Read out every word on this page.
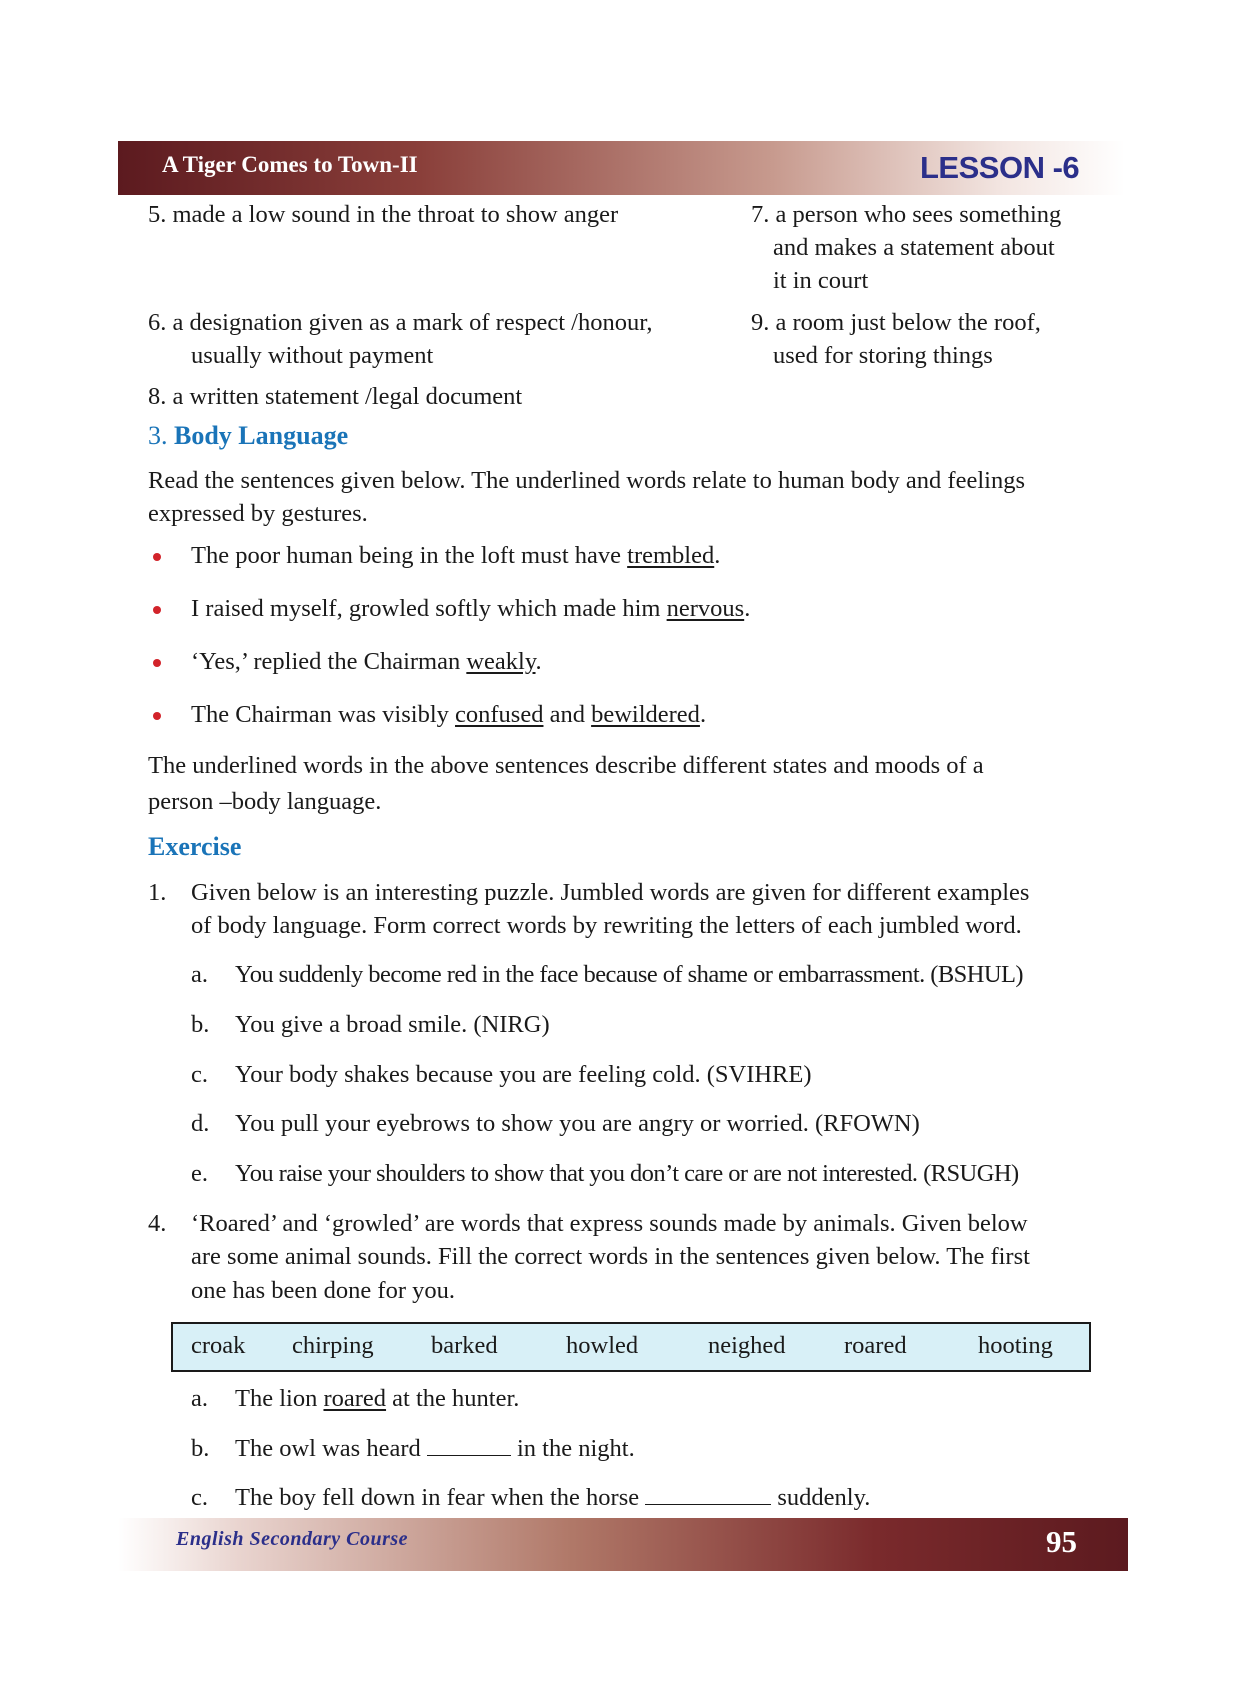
A Tiger Comes to Town-II	LESSON -6
5. made a low sound in the throat to show anger	7. a person who sees something
and makes a statement about
it in court
6. a designation given as a mark of respect /honour,
usually without payment
9. a room just below the roof,
used for storing things
8. a written statement /legal document
3. Body Language
Read the sentences given below. The underlined words relate to human body and feelings
expressed by gestures.
The poor human being in the loft must have trembled.
I raised myself, growled softly which made him nervous.
‘Yes,’ replied the Chairman weakly.
The Chairman was visibly confused and bewildered.
The underlined words in the above sentences describe different states and moods of a
person –body language.
Exercise
1. Given below is an interesting puzzle. Jumbled words are given for different examples
of body language. Form correct words by rewriting the letters of each jumbled word.
a. You suddenly become red in the face because of shame or embarrassment. (BSHUL)
b. You give a broad smile. (NIRG)
c. Your body shakes because you are feeling cold. (SVIHRE)
d. You pull your eyebrows to show you are angry or worried. (RFOWN)
e. You raise your shoulders to show that you don’t care or are not interested. (RSUGH)
4. ‘Roared’ and ‘growled’ are words that express sounds made by animals. Given below
are some animal sounds. Fill the correct words in the sentences given below. The first
one has been done for you.
croak chirping barked	howled	neighed roared	hooting
a. The lion roared at the hunter.
b. The owl was heard	in the night.
c. The boy fell down in fear when the horse	suddenly.
English Secondary Course	95
